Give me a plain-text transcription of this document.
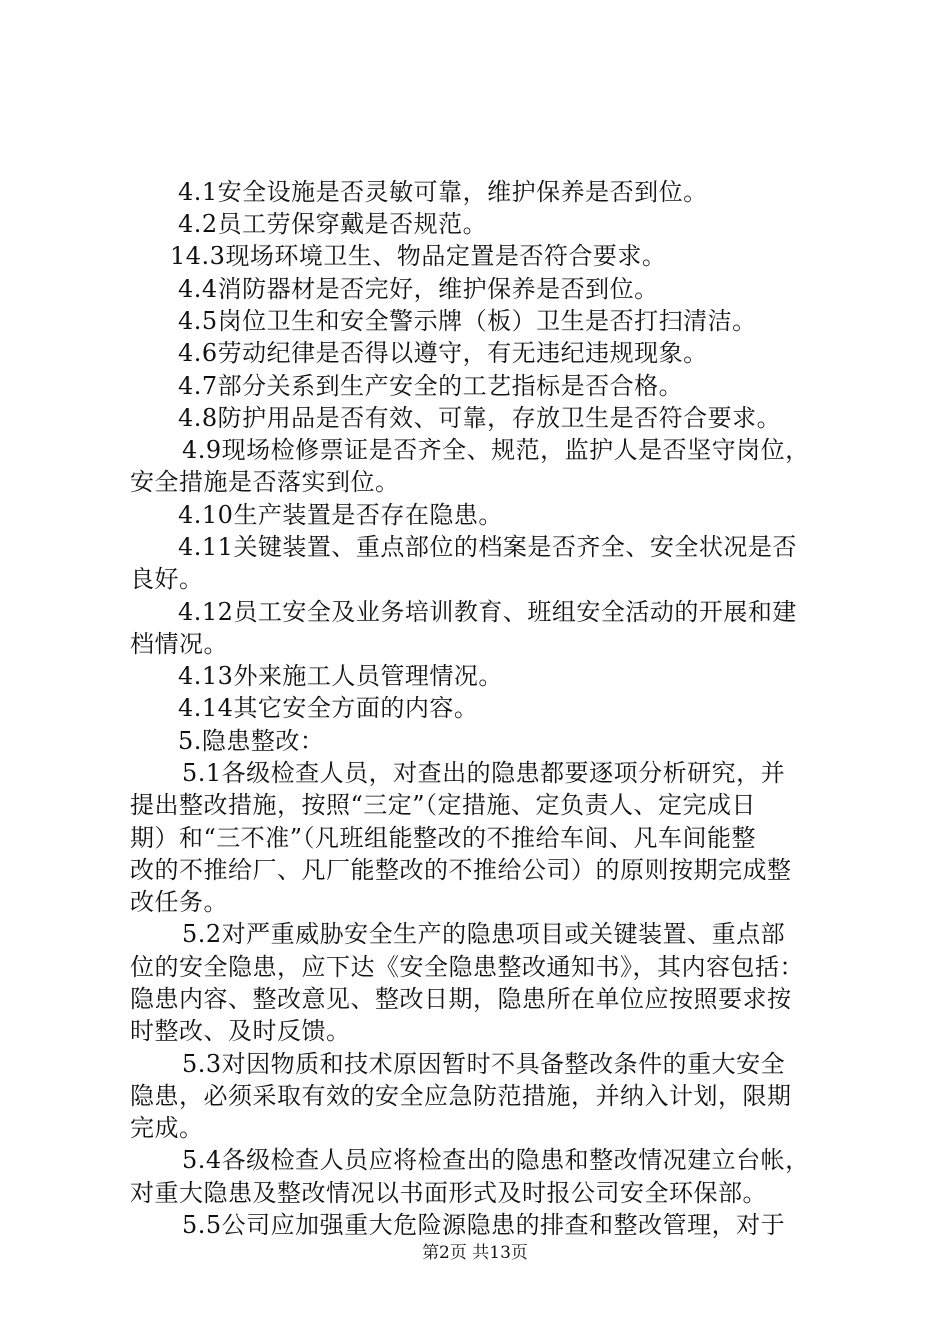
4.1安全设施是否灵敏可靠，维护保养是否到位。
4.2员工劳保穿戴是否规范。
14.3现场环境卫生、物品定置是否符合要求。
4.4消防器材是否完好，维护保养是否到位。
4.5岗位卫生和安全警示牌（板）卫生是否打扫清洁。
4.6劳动纪律是否得以遵守，有无违纪违规现象。
4.7部分关系到生产安全的工艺指标是否合格。
4.8防护用品是否有效、可靠，存放卫生是否符合要求。
4.9现场检修票证是否齐全、规范，监护人是否坚守岗位，
安全措施是否落实到位。
4.10生产装置是否存在隐患。
4.11关键装置、重点部位的档案是否齐全、安全状况是否
良好。
4.12员工安全及业务培训教育、班组安全活动的开展和建
档情况。
4.13外来施工人员管理情况。
4.14其它安全方面的内容。
5.隐患整改：
5.1各级检查人员，对查出的隐患都要逐项分析研究，并
提出整改措施，按照“三定”（定措施、定负责人、定完成日
期）和“三不准”（凡班组能整改的不推给车间、凡车间能整
改的不推给厂、凡厂能整改的不推给公司）的原则按期完成整
改任务。
5.2对严重威胁安全生产的隐患项目或关键装置、重点部
位的安全隐患，应下达《安全隐患整改通知书》，其内容包括：
隐患内容、整改意见、整改日期，隐患所在单位应按照要求按
时整改、及时反馈。
5.3对因物质和技术原因暂时不具备整改条件的重大安全
隐患，必须采取有效的安全应急防范措施，并纳入计划，限期
完成。
5.4各级检查人员应将检查出的隐患和整改情况建立台帐，
对重大隐患及整改情况以书面形式及时报公司安全环保部。
5.5公司应加强重大危险源隐患的排查和整改管理，对于
第2页 共13页
